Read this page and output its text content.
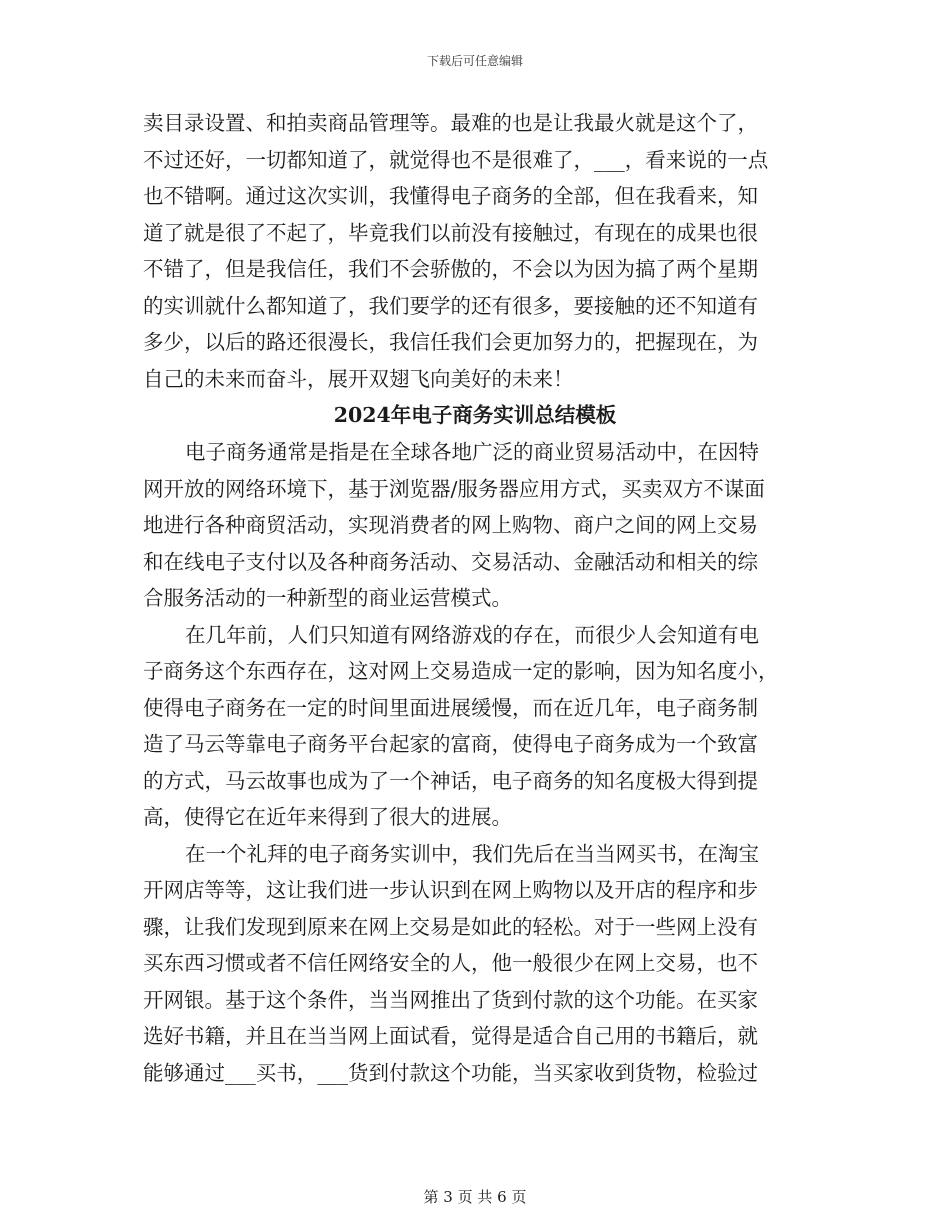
下载后可任意编辑
卖目录设置、和拍卖商品管理等。最难的也是让我最火就是这个了，
不过还好，一切都知道了，就觉得也不是很难了，___，看来说的一点
也不错啊。通过这次实训，我懂得电子商务的全部，但在我看来，知
道了就是很了不起了，毕竟我们以前没有接触过，有现在的成果也很
不错了，但是我信任，我们不会骄傲的，不会以为因为搞了两个星期
的实训就什么都知道了，我们要学的还有很多，要接触的还不知道有
多少，以后的路还很漫长，我信任我们会更加努力的，把握现在，为
自己的未来而奋斗，展开双翅飞向美好的未来！
2024年电子商务实训总结模板
电子商务通常是指是在全球各地广泛的商业贸易活动中，在因特
网开放的网络环境下，基于浏览器/服务器应用方式，买卖双方不谋面
地进行各种商贸活动，实现消费者的网上购物、商户之间的网上交易
和在线电子支付以及各种商务活动、交易活动、金融活动和相关的综
合服务活动的一种新型的商业运营模式。
在几年前，人们只知道有网络游戏的存在，而很少人会知道有电
子商务这个东西存在，这对网上交易造成一定的影响，因为知名度小，
使得电子商务在一定的时间里面进展缓慢，而在近几年，电子商务制
造了马云等靠电子商务平台起家的富商，使得电子商务成为一个致富
的方式，马云故事也成为了一个神话，电子商务的知名度极大得到提
高，使得它在近年来得到了很大的进展。
在一个礼拜的电子商务实训中，我们先后在当当网买书，在淘宝
开网店等等，这让我们进一步认识到在网上购物以及开店的程序和步
骤，让我们发现到原来在网上交易是如此的轻松。对于一些网上没有
买东西习惯或者不信任网络安全的人，他一般很少在网上交易，也不
开网银。基于这个条件，当当网推出了货到付款的这个功能。在买家
选好书籍，并且在当当网上面试看，觉得是适合自己用的书籍后，就
能够通过___买书，___货到付款这个功能，当买家收到货物，检验过
第 3 页 共 6 页
